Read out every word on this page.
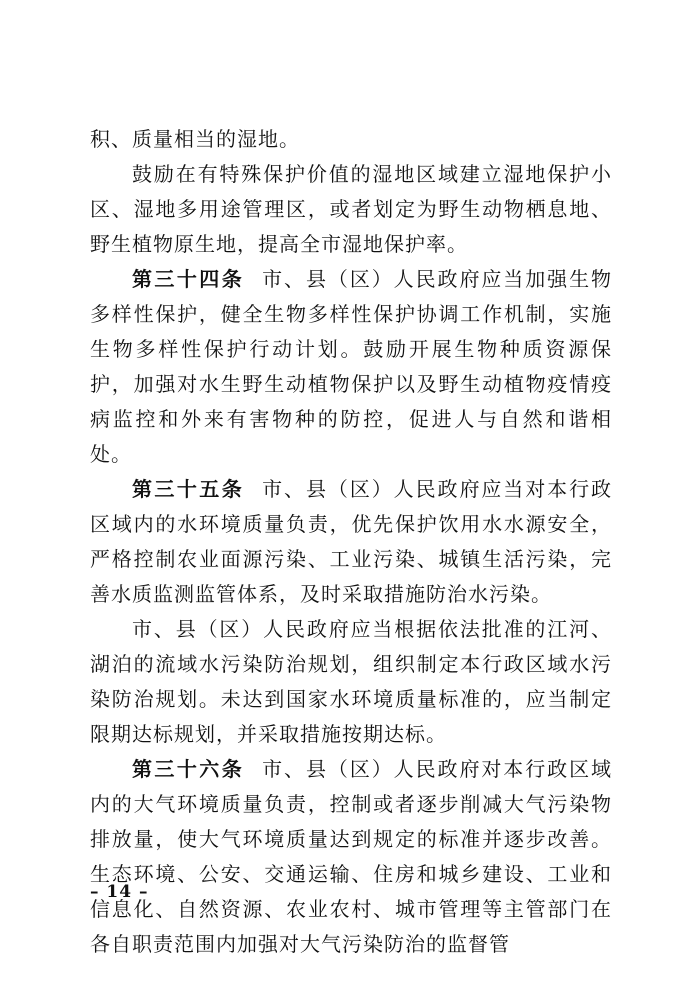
积、质量相当的湿地。

鼓励在有特殊保护价值的湿地区域建立湿地保护小区、湿地多用途管理区，或者划定为野生动物栖息地、野生植物原生地，提高全市湿地保护率。

第三十四条 市、县（区）人民政府应当加强生物多样性保护，健全生物多样性保护协调工作机制，实施生物多样性保护行动计划。鼓励开展生物种质资源保护，加强对水生野生动植物保护以及野生动植物疫情疫病监控和外来有害物种的防控，促进人与自然和谐相处。

第三十五条 市、县（区）人民政府应当对本行政区域内的水环境质量负责，优先保护饮用水水源安全，严格控制农业面源污染、工业污染、城镇生活污染，完善水质监测监管体系，及时采取措施防治水污染。

市、县（区）人民政府应当根据依法批准的江河、湖泊的流域水污染防治规划，组织制定本行政区域水污染防治规划。未达到国家水环境质量标准的，应当制定限期达标规划，并采取措施按期达标。

第三十六条 市、县（区）人民政府对本行政区域内的大气环境质量负责，控制或者逐步削减大气污染物排放量，使大气环境质量达到规定的标准并逐步改善。生态环境、公安、交通运输、住房和城乡建设、工业和信息化、自然资源、农业农村、城市管理等主管部门在各自职责范围内加强对大气污染防治的监督管

– 14 –
